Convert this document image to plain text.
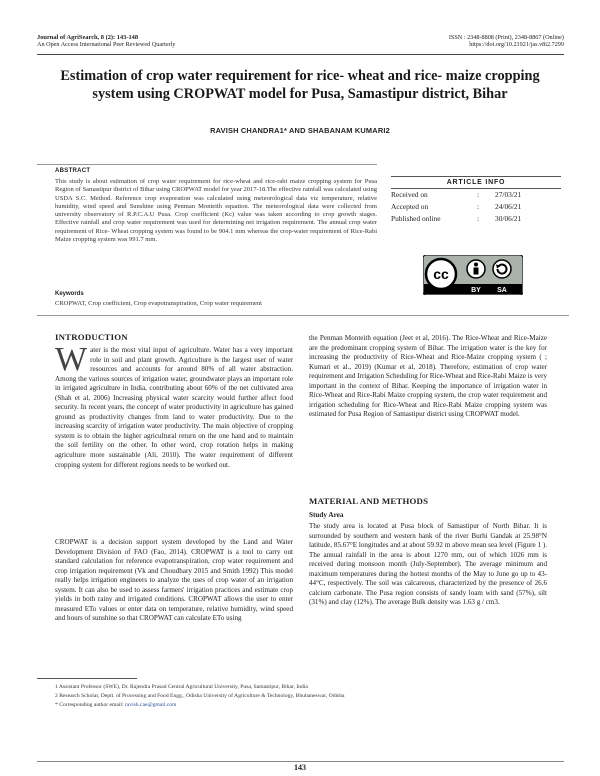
Journal of AgriSearch, 8 (2): 143-148
An Open Access International Peer Reviewed Quarterly
ISSN : 2348-8808 (Print), 2348-8867 (Online)
https://doi.org/10.21921/jas.v8i2.7299
Estimation of crop water requirement for rice- wheat and rice- maize cropping system using CROPWAT model for Pusa, Samastipur district, Bihar
RAVISH CHANDRA1* AND SHABANAM KUMARI2
ABSTRACT
This study is about estimation of crop water requirement for rice-wheat and rice-rabi maize cropping system for Pusa Region of Samastipur district of Bihar using CROPWAT model for year 2017-18.The effective rainfall was calculated using USDA S.C. Method. Reference crop evaporation was calculated using meteorological data viz temperature, relative humidity, wind speed and Sunshine using Penman Monteith equation. The meteorological data were collected from university observatory of R.P.C.A.U Pusa. Crop coefficient (Kc) value was taken according to crop growth stages. Effective rainfall and crop water requirement was used for determining net irrigation requirement. The annual crop water requirement of Rice- Wheat cropping system was found to be 904.1 mm whereas the crop-water requirement of Rice-Rabi Maize cropping system was 991.7 mm.
Keywords
CROPWAT, Crop coefficient, Crop evapotranspiration, Crop water requirement
ARTICLE INFO
Received on	:	27/03/21
Accepted on	:	24/06/21
Published online	:	30/06/21
cc
BY SA
INTRODUCTION
Water is the most vital input of agriculture. Water has a very important role in soil and plant growth. Agriculture is the largest user of water resources and accounts for around 80% of all water abstraction. Among the various sources of irrigation water, groundwater plays an important role in irrigated agriculture in India, contributing about 60% of the net cultivated area (Shah et al, 2006) Increasing physical water scarcity would further affect food security. In recent years, the concept of water productivity in agriculture has gained ground as productivity changes from land to water productivity. Due to the increasing scarcity of irrigation water productivity. The main objective of cropping system is to obtain the higher agricultural return on the one hand and to maintain the soil fertility on the other. In other word, crop rotation helps in making agriculture more sustainable (Ali, 2010). The water requirement of different cropping system for different regions needs to be worked out.
CROPWAT is a decision support system developed by the Land and Water Development Division of FAO (Fao, 2014). CROPWAT is a tool to carry out standard calculation for reference evapotranspiration, crop water requirement and crop irrigation requirement (Vk and Choudhary 2015 and Smith 1992) This model really helps irrigation engineers to analyze the uses of crop water of an irrigation system. It can also be used to assess farmers' irrigation practices and estimate crop yields in both rainy and irrigated conditions. CROPWAT allows the user to enter measured ETo values or enter data on temperature, relative humidity, wind speed and hours of sunshine so that CROPWAT can calculate ETo using
the Penman Monteith equation (Jeet et al, 2016). The Rice-Wheat and Rice-Maize are the predominant cropping system of Bihar. The irrigation water is the key for increasing the productivity of Rice-Wheat and Rice-Maize cropping system ( ; Kumari et al., 2019) (Kumar et al, 2018). Therefore, estimation of crop water requirement and Irrigation Scheduling for Rice-Wheat and Rice-Rabi Maize is very important in the context of Bihar. Keeping the importance of irrigation water in Rice-Wheat and Rice-Rabi Maize cropping system, the crop water requirement and irrigation scheduling for Rice-Wheat and Rice-Rabi Maize cropping system was estimated for Pusa Region of Samastipur district using CROPWAT model.
MATERIAL AND METHODS
Study Area
The study area is located at Pusa block of Samastipur of North Bihar. It is surrounded by southern and western bank of the river Burhi Gandak at 25.98°N latitude, 85.67°E longitudes and at about 59.92 m above mean sea level (Figure 1 ). The annual rainfall in the area is about 1270 mm, out of which 1026 mm is received during monsoon month (July-September). The average minimum and maximum temperatures during the hottest months of the May to June go up to 43- 44°C, respectively. The soil was calcareous, characterized by the presence of 26.6 calcium carbonate. The Pusa region consists of sandy loam with sand (57%), silt (31%) and clay (12%). The average Bulk density was 1.63 g / cm3.
1 Assistant Professor (SWE), Dr. Rajendra Prasad Central Agricultural University, Pusa, Samastipur, Bihar, India
2 Research Scholar, Deptt. of Processing and Food Engg., Odisha University of Agriculture & Technology, Bhubaneswar, Odisha
* Corresponding author email: ravish.cae@gmail.com
143
